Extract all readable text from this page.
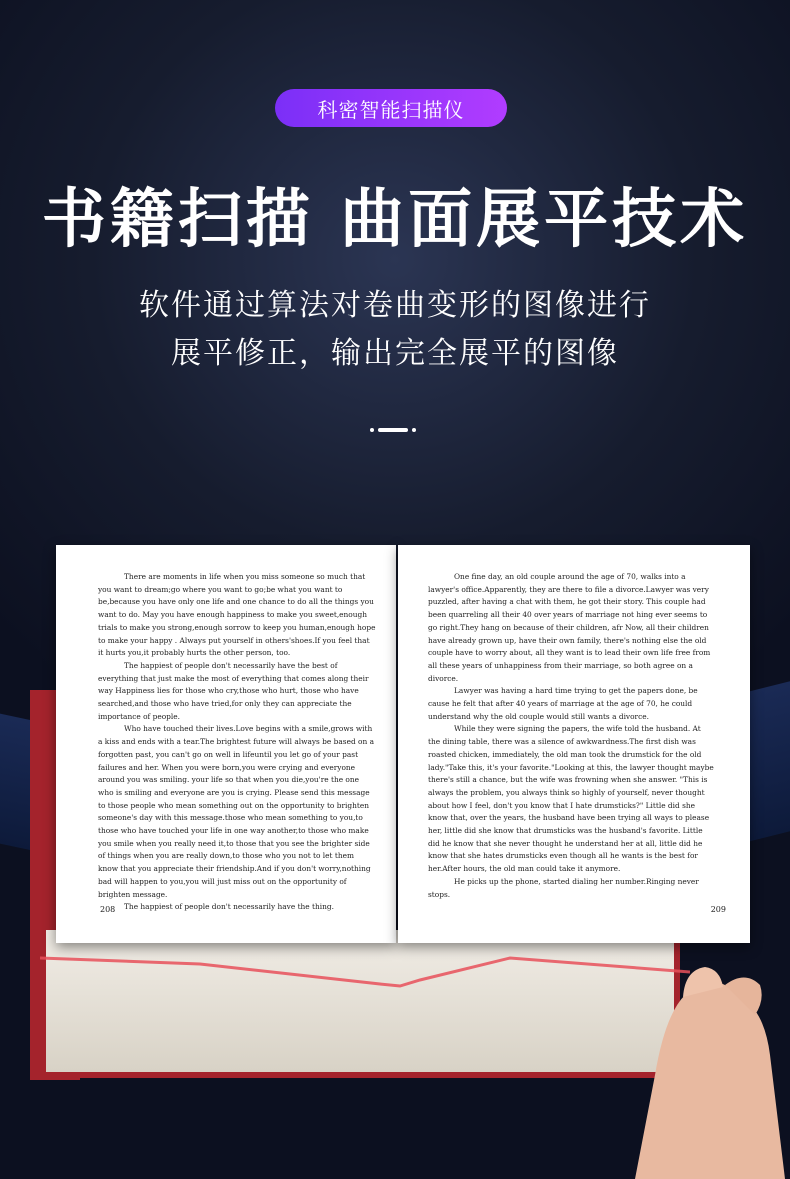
科密智能扫描仪
书籍扫描 曲面展平技术
软件通过算法对卷曲变形的图像进行
展平修正，输出完全展平的图像

There are moments in life when you miss someone so much that you want to dream;go where you want to go;be what you want to be,because you have only one life and one chance to do all the things you want to do. May you have enough happiness to make you sweet,enough trials to make you strong,enough sorrow to keep you human,enough hope to make your happy . Always put yourself in others'shoes.If you feel that it hurts you,it probably hurts the other person, too.

The happiest of people don't necessarily have the best of everything that just make the most of everything that comes along their way Happiness lies for those who cry,those who hurt, those who have searched,and those who have tried,for only they can appreciate the importance of people.

Who have touched their lives.Love begins with a smile,grows with a kiss and ends with a tear.The brightest future will always be based on a forgotten past, you can't go on well in lifeuntil you let go of your past failures and her. When you were born,you were crying and everyone around you was smiling. your life so that when you die,you're the one who is smiling and everyone are you is crying. Please send this message to those people who mean something out on the opportunity to brighten someone's day with this message.those who mean something to you,to those who have touched your life in one way another,to those who make you smile when you really need it,to those that you see the brighter side of things when you are really down,to those who you not to let them know that you appreciate their friendship.And if you don't worry,nothing bad will happen to you,you will just miss out on the opportunity of brighten message.

The happiest of people don't necessarily have the thing.

208

One fine day, an old couple around the age of 70, walks into a lawyer's office.Apparently, they are there to file a divorce.Lawyer was very puzzled, after having a chat with them, he got their story. This couple had been quarreling all their 40 over years of marriage not hing ever seems to go right.They hang on because of their children, afr Now, all their children have already grown up, have their own family, there's nothing else the old couple have to worry about, all they want is to lead their own life free from all these years of unhappiness from their marriage, so both agree on a divorce.

Lawyer was having a hard time trying to get the papers done, be cause he felt that after 40 years of marriage at the age of 70, he could understand why the old couple would still wants a divorce.

While they were signing the papers, the wife told the husband. At the dining table, there was a silence of awkwardness.The first dish was roasted chicken, immediately, the old man took the drumstick for the old lady."Take this, it's your favorite."Looking at this, the lawyer thought maybe there's still a chance, but the wife was frowning when she answer. "This is always the problem, you always think so highly of yourself, never thought about how I feel, don't you know that I hate drumsticks?" Little did she know that, over the years, the husband have been trying all ways to please her, little did she know that drumsticks was the husband's favorite. Little did he know that she never thought he understand her at all, little did he know that she hates drumsticks even though all he wants is the best for her.After hours, the old man could take it anymore.

He picks up the phone, started dialing her number.Ringing never stops.

209
